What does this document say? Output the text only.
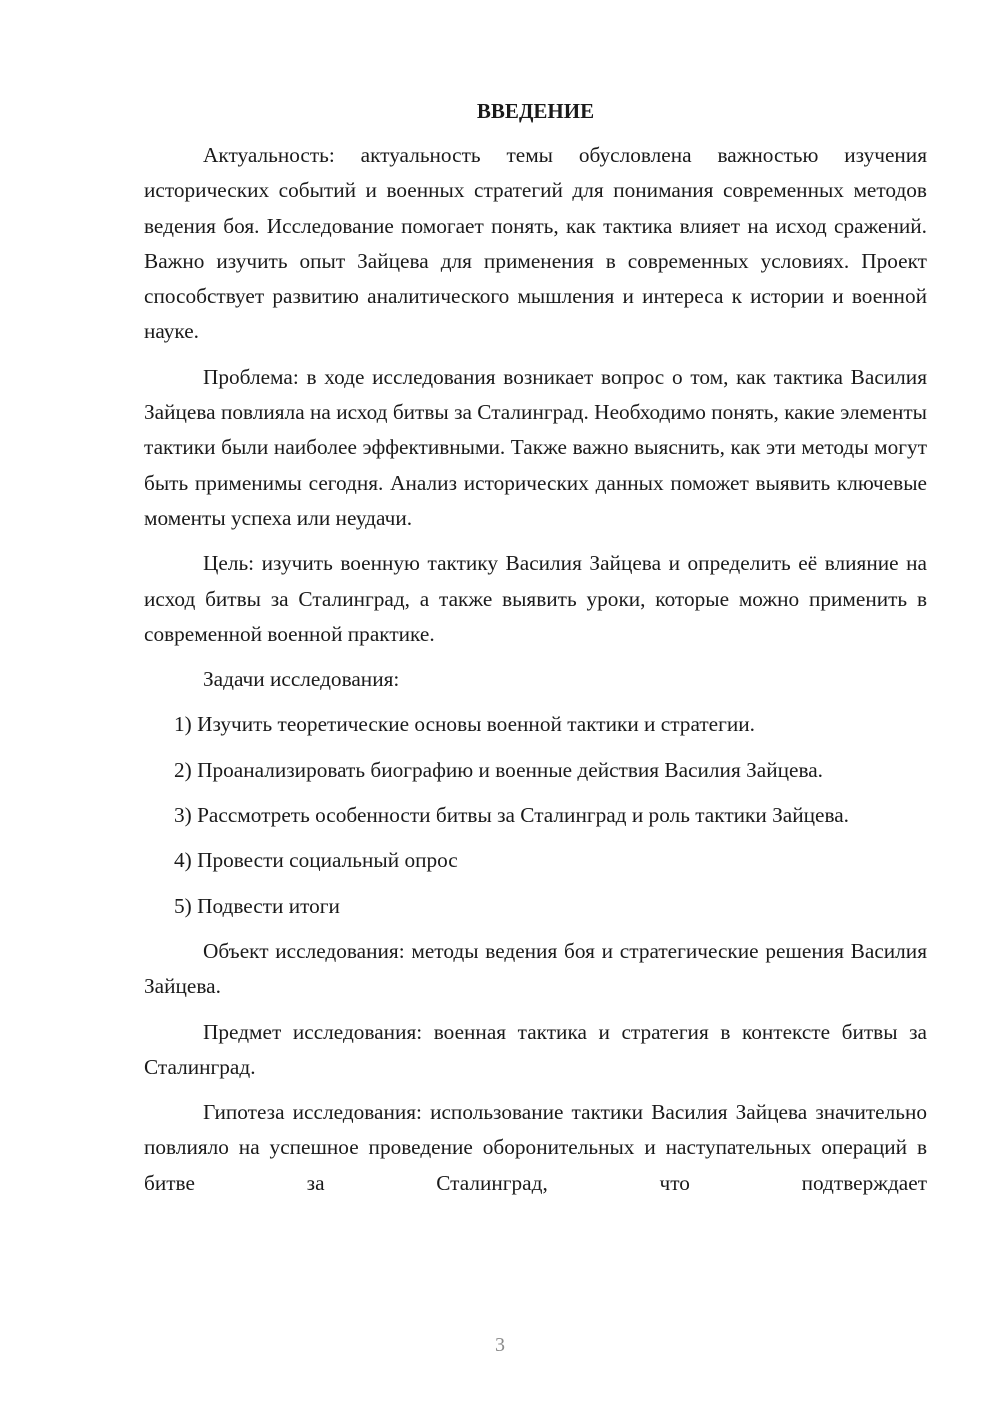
ВВЕДЕНИЕ

Актуальность: актуальность темы обусловлена важностью изучения исторических событий и военных стратегий для понимания современных методов ведения боя. Исследование помогает понять, как тактика влияет на исход сражений. Важно изучить опыт Зайцева для применения в современных условиях. Проект способствует развитию аналитического мышления и интереса к истории и военной науке.

Проблема: в ходе исследования возникает вопрос о том, как тактика Василия Зайцева повлияла на исход битвы за Сталинград. Необходимо понять, какие элементы тактики были наиболее эффективными. Также важно выяснить, как эти методы могут быть применимы сегодня. Анализ исторических данных поможет выявить ключевые моменты успеха или неудачи.

Цель: изучить военную тактику Василия Зайцева и определить её влияние на исход битвы за Сталинград, а также выявить уроки, которые можно применить в современной военной практике.

Задачи исследования:

1) Изучить теоретические основы военной тактики и стратегии.

2) Проанализировать биографию и военные действия Василия Зайцева.

3) Рассмотреть особенности битвы за Сталинград и роль тактики Зайцева.

4) Провести социальный опрос

5) Подвести итоги

Объект исследования: методы ведения боя и стратегические решения Василия Зайцева.

Предмет исследования: военная тактика и стратегия в контексте битвы за Сталинград.

Гипотеза исследования: использование тактики Василия Зайцева значительно повлияло на успешное проведение оборонительных и наступательных операций в битве за Сталинград, что подтверждает

3
